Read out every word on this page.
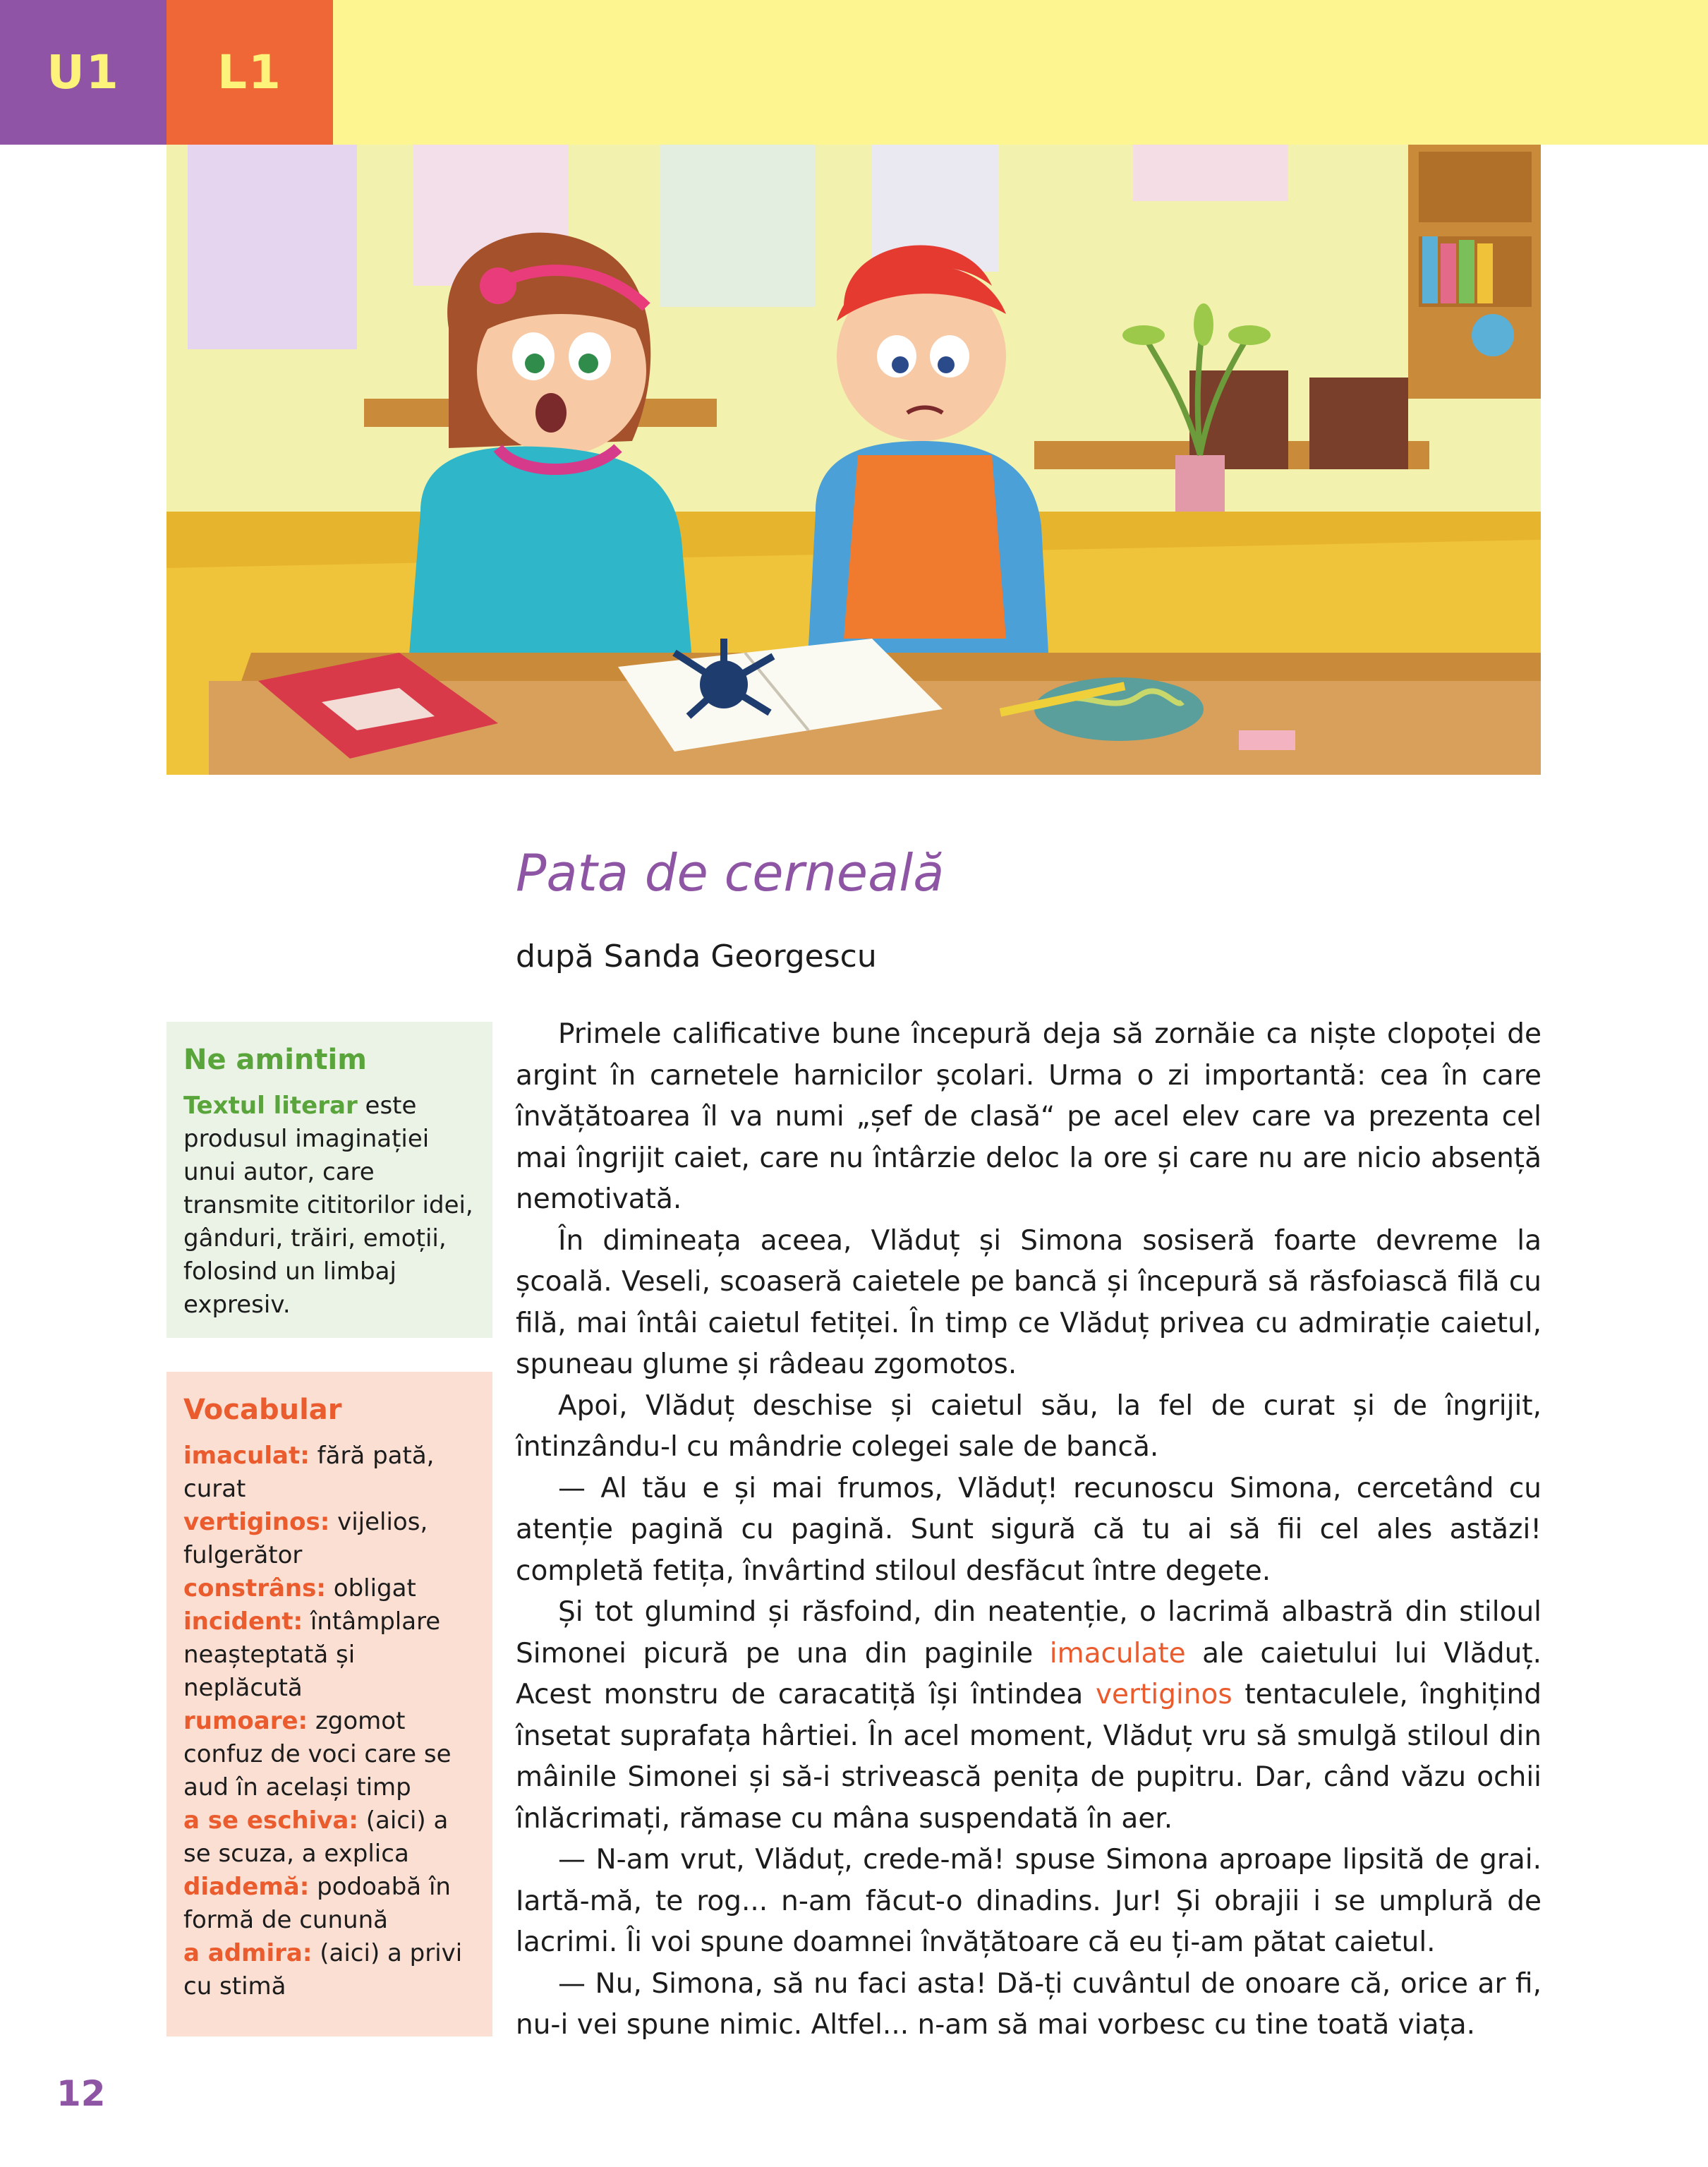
U1 L1
Pata de cerneală

după Sanda Georgescu

Ne amintim
Textul literar este produsul imaginației unui autor, care transmite cititorilor idei, gânduri, trăiri, emoții, folosind un limbaj expresiv.
Vocabular

imaculat: fără pată, curat

vertiginos: vijelios, fulgerător

constrâns: obligat

incident: întâmplare neașteptată și neplăcută

rumoare: zgomot confuz de voci care se aud în același timp

a se eschiva: (aici) a se scuza, a explica

diademă: podoabă în formă de cunună

a admira: (aici) a privi cu stimă

Primele calificative bune începură deja să zornăie ca niște clopoței de argint în carnetele harnicilor școlari. Urma o zi importantă: cea în care învățătoarea îl va numi „șef de clasă“ pe acel elev care va prezenta cel mai îngrijit caiet, care nu întârzie deloc la ore și care nu are nicio absență nemotivată.

În dimineața aceea, Vlăduț și Simona sosiseră foarte devreme la școală. Veseli, scoaseră caietele pe bancă și începură să răsfoiască filă cu filă, mai întâi caietul fetiței. În timp ce Vlăduț privea cu admirație caietul, spuneau glume și râdeau zgomotos.

Apoi, Vlăduț deschise și caietul său, la fel de curat și de îngrijit, întinzându-l cu mândrie colegei sale de bancă.

— Al tău e și mai frumos, Vlăduț! recunoscu Simona, cercetând cu atenție pagină cu pagină. Sunt sigură că tu ai să fii cel ales astăzi! completă fetița, învârtind stiloul desfăcut între degete.

Și tot glumind și răsfoind, din neatenție, o lacrimă albastră din stiloul Simonei picură pe una din paginile imaculate ale caietului lui Vlăduț. Acest monstru de caracatiță își întindea vertiginos tentaculele, înghițind însetat suprafața hârtiei. În acel moment, Vlăduț vru să smulgă stiloul din mâinile Simonei și să-i strivească penița de pupitru. Dar, când văzu ochii înlăcrimați, rămase cu mâna suspendată în aer.

— N-am vrut, Vlăduț, crede-mă! spuse Simona aproape lipsită de grai. Iartă-mă, te rog... n-am făcut-o dinadins. Jur! Și obrajii i se umplură de lacrimi. Îi voi spune doamnei învățătoare că eu ți-am pătat caietul.

— Nu, Simona, să nu faci asta! Dă-ți cuvântul de onoare că, orice ar fi, nu-i vei spune nimic. Altfel... n-am să mai vorbesc cu tine toată viața.

12
